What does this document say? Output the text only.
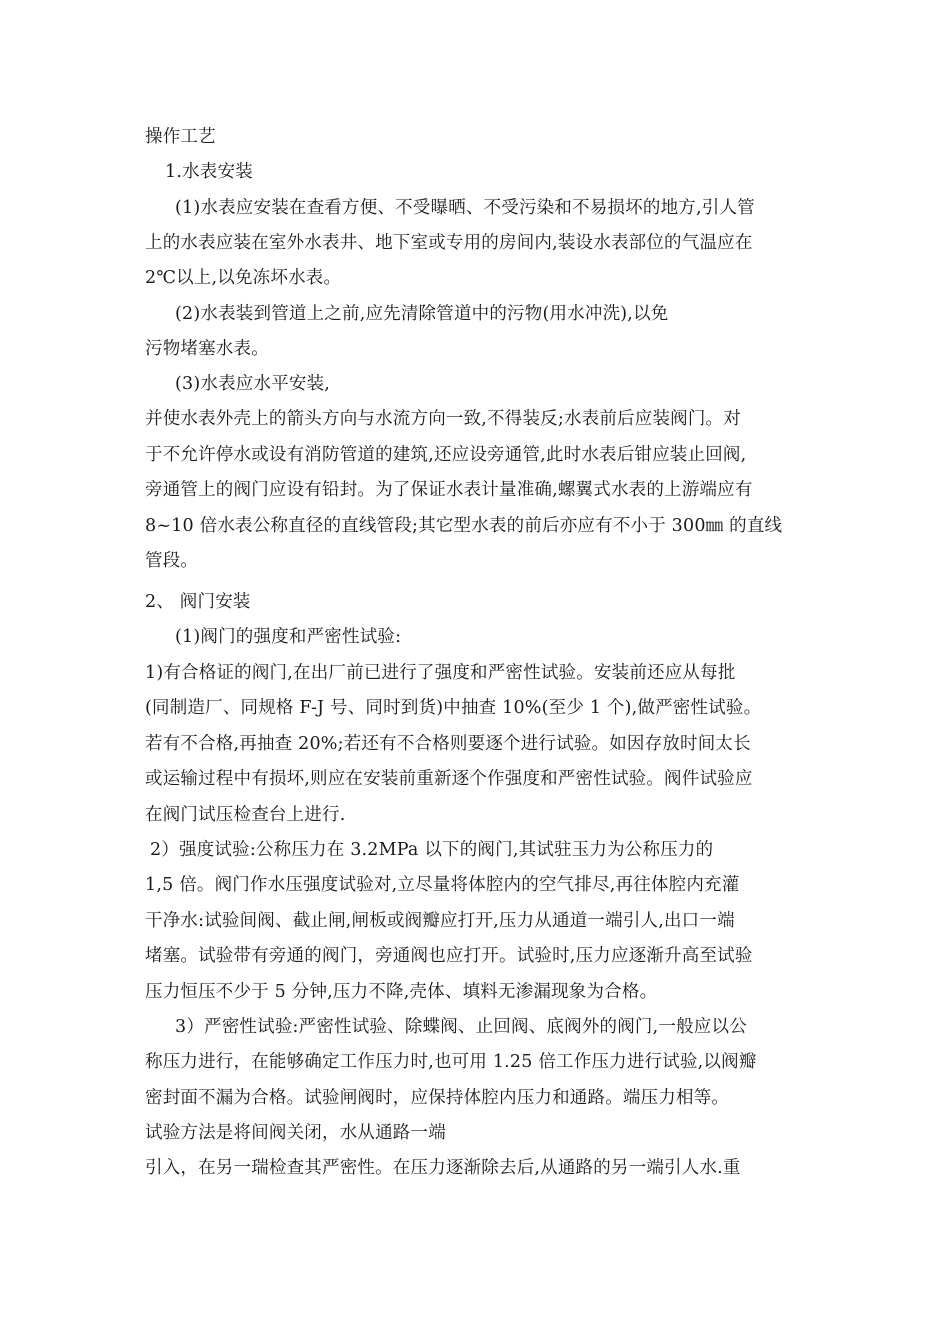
操作工艺
1.水表安装
(1)水表应安装在查看方便、不受曝晒、不受污染和不易损坏的地方,引人管
上的水表应装在室外水表井、地下室或专用的房间内,装设水表部位的气温应在
2℃以上,以免冻坏水表。
(2)水表装到管道上之前,应先清除管道中的污物(用水冲洗),以免
污物堵塞水表。
(3)水表应水平安装,
并使水表外壳上的箭头方向与水流方向一致,不得装反;水表前后应装阀门。对
于不允许停水或设有消防管道的建筑,还应设旁通管,此时水表后钳应装止回阀,
旁通管上的阀门应设有铅封。为了保证水表计量准确,螺翼式水表的上游端应有
8~10 倍水表公称直径的直线管段;其它型水表的前后亦应有不小于 300㎜ 的直线
管段。
2、 阀门安装
(1)阀门的强度和严密性试验:
1)有合格证的阀门,在出厂前已进行了强度和严密性试验。安装前还应从每批
(同制造厂、同规格 F-J 号、同时到货)中抽查 10%(至少 1 个),做严密性试验。
若有不合格,再抽查 20%;若还有不合格则要逐个进行试验。如因存放时间太长
或运输过程中有损坏,则应在安装前重新逐个作强度和严密性试验。阀件试验应
在阀门试压检查台上进行.
2）强度试验:公称压力在 3.2MPa 以下的阀门,其试驻玉力为公称压力的
1,5 倍。阀门作水压强度试验对,立尽量将体腔内的空气排尽,再往体腔内充灌
干净水:试验间阀、截止闸,闸板或阀瓣应打开,压力从通道一端引人,出口一端
堵塞。试验带有旁通的阀门，旁通阀也应打开。试验时,压力应逐渐升高至试验
压力恒压不少于 5 分钟,压力不降,壳体、填料无渗漏现象为合格。
3）严密性试验:严密性试验、除蝶阀、止回阀、底阀外的阀门,一般应以公
称压力进行，在能够确定工作压力时,也可用 1.25 倍工作压力进行试验,以阀瓣
密封面不漏为合格。试验闸阀时，应保持体腔内压力和通路。端压力相等。
试验方法是将间阀关闭，水从通路一端
引入，在另一瑞检查其严密性。在压力逐渐除去后,从通路的另一端引人水.重
